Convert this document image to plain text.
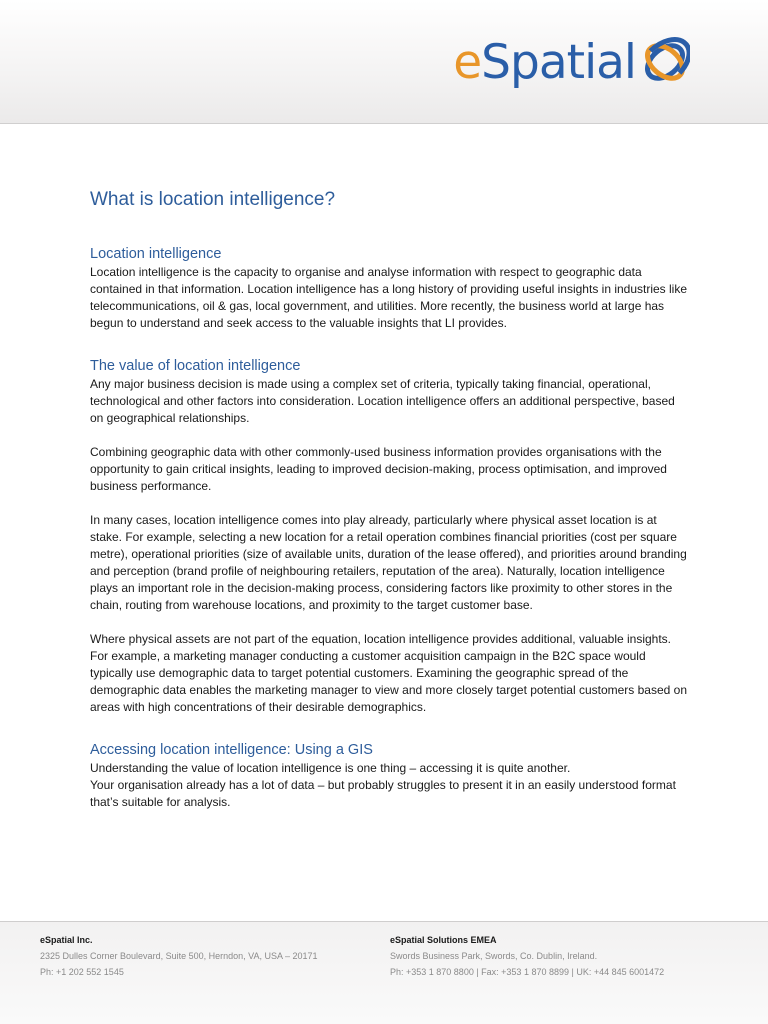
eSpatial
What is location intelligence?
Location intelligence

Location intelligence is the capacity to organise and analyse information with respect to geographic data contained in that information. Location intelligence has a long history of providing useful insights in industries like telecommunications, oil & gas, local government, and utilities. More recently, the business world at large has begun to understand and seek access to the valuable insights that LI provides.

The value of location intelligence

Any major business decision is made using a complex set of criteria, typically taking financial, operational, technological and other factors into consideration. Location intelligence offers an additional perspective, based on geographical relationships.

Combining geographic data with other commonly-used business information provides organisations with the opportunity to gain critical insights, leading to improved decision-making, process optimisation, and improved business performance.

In many cases, location intelligence comes into play already, particularly where physical asset location is at stake. For example, selecting a new location for a retail operation combines financial priorities (cost per square metre), operational priorities (size of available units, duration of the lease offered), and priorities around branding and perception (brand profile of neighbouring retailers, reputation of the area). Naturally, location intelligence plays an important role in the decision-making process, considering factors like proximity to other stores in the chain, routing from warehouse locations, and proximity to the target customer base.

Where physical assets are not part of the equation, location intelligence provides additional, valuable insights. For example, a marketing manager conducting a customer acquisition campaign in the B2C space would typically use demographic data to target potential customers. Examining the geographic spread of the demographic data enables the marketing manager to view and more closely target potential customers based on areas with high concentrations of their desirable demographics.

Accessing location intelligence: Using a GIS

Understanding the value of location intelligence is one thing – accessing it is quite another.

Your organisation already has a lot of data – but probably struggles to present it in an easily understood format that’s suitable for analysis.

eSpatial Inc.
2325 Dulles Corner Boulevard, Suite 500, Herndon, VA, USA – 20171
Ph: +1 202 552 1545
eSpatial Solutions EMEA
Swords Business Park, Swords, Co. Dublin, Ireland.
Ph: +353 1 870 8800 | Fax: +353 1 870 8899 | UK: +44 845 6001472
